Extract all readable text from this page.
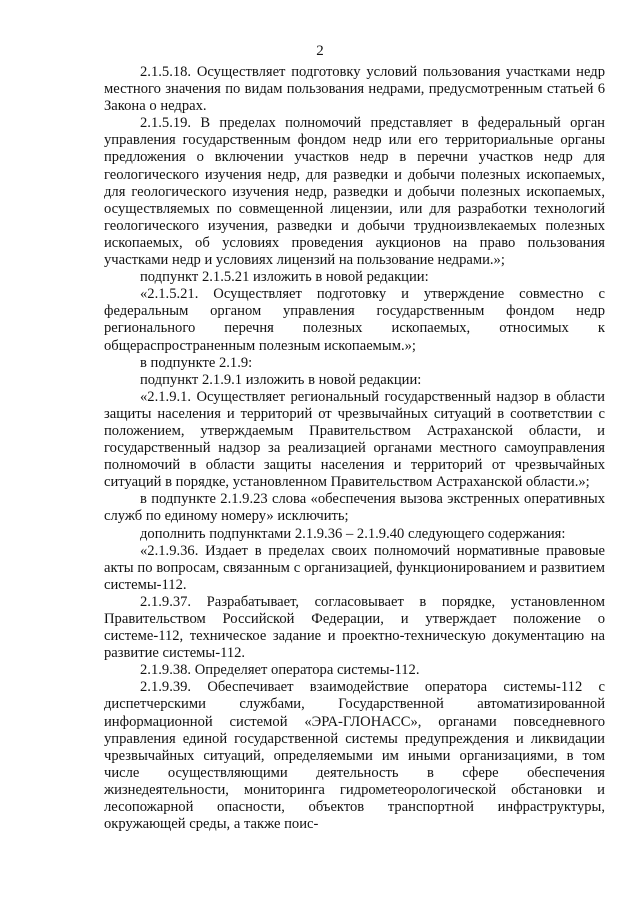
2

2.1.5.18. Осуществляет подготовку условий пользования участками недр местного значения по видам пользования недрами, предусмотренным статьей 6 Закона о недрах.

2.1.5.19. В пределах полномочий представляет в федеральный орган управления государственным фондом недр или его территориальные органы предложения о включении участков недр в перечни участков недр для геологического изучения недр, для разведки и добычи полезных ископаемых, для геологического изучения недр, разведки и добычи полезных ископаемых, осуществляемых по совмещенной лицензии, или для разработки технологий геологического изучения, разведки и добычи трудноизвлекаемых полезных ископаемых, об условиях проведения аукционов на право пользования участками недр и условиях лицензий на пользование недрами.»;

подпункт 2.1.5.21 изложить в новой редакции:

«2.1.5.21. Осуществляет подготовку и утверждение совместно с федеральным органом управления государственным фондом недр регионального перечня полезных ископаемых, относимых к общераспространенным полезным ископаемым.»;

в подпункте 2.1.9:

подпункт 2.1.9.1 изложить в новой редакции:

«2.1.9.1. Осуществляет региональный государственный надзор в области защиты населения и территорий от чрезвычайных ситуаций в соответствии с положением, утверждаемым Правительством Астраханской области, и государственный надзор за реализацией органами местного самоуправления полномочий в области защиты населения и территорий от чрезвычайных ситуаций в порядке, установленном Правительством Астраханской области.»;

в подпункте 2.1.9.23 слова «обеспечения вызова экстренных оперативных служб по единому номеру» исключить;

дополнить подпунктами 2.1.9.36 – 2.1.9.40 следующего содержания:

«2.1.9.36. Издает в пределах своих полномочий нормативные правовые акты по вопросам, связанным с организацией, функционированием и развитием системы-112.

2.1.9.37. Разрабатывает, согласовывает в порядке, установленном Правительством Российской Федерации, и утверждает положение о системе-112, техническое задание и проектно-техническую документацию на развитие системы-112.

2.1.9.38. Определяет оператора системы-112.

2.1.9.39. Обеспечивает взаимодействие оператора системы-112 с диспетчерскими службами, Государственной автоматизированной информационной системой «ЭРА-ГЛОНАСС», органами повседневного управления единой государственной системы предупреждения и ликвидации чрезвычайных ситуаций, определяемыми им иными организациями, в том числе осуществляющими деятельность в сфере обеспечения жизнедеятельности, мониторинга гидрометеорологической обстановки и лесопожарной опасности, объектов транспортной инфраструктуры, окружающей среды, а также поис-
